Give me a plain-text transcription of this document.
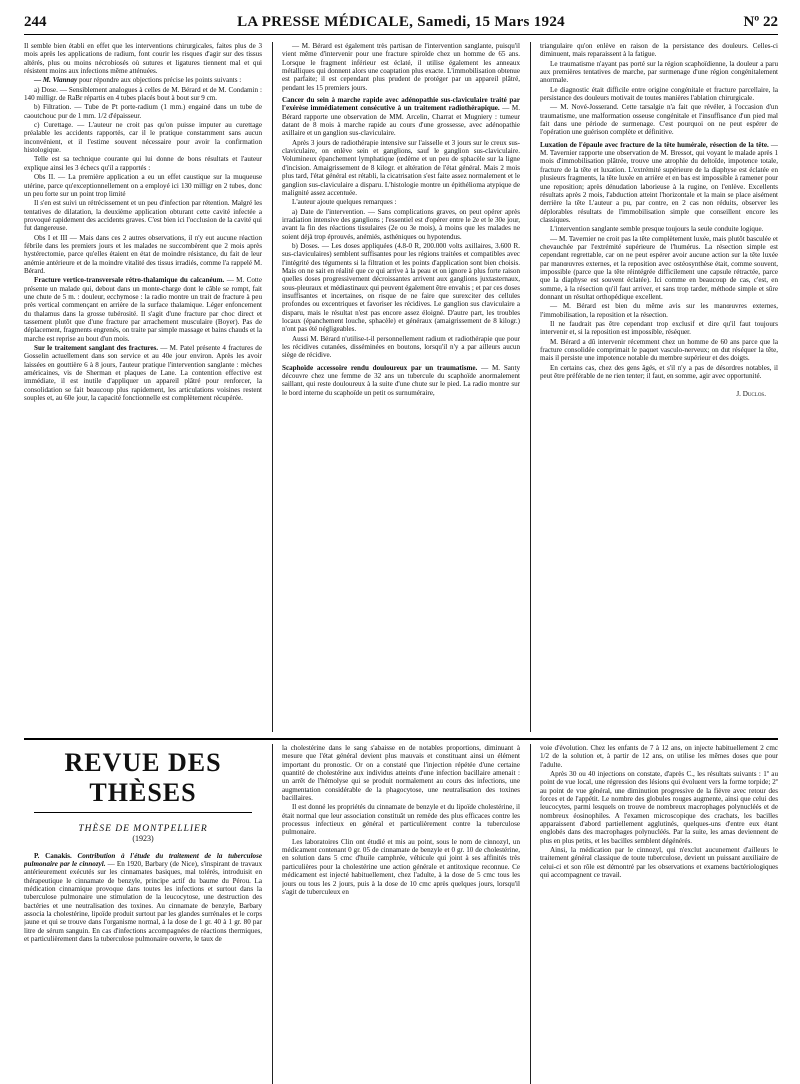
244	LA PRESSE MÉDICALE, Samedi, 15 Mars 1924	Nº 22

Il semble bien établi en effet que les interventions chirurgicales, faites plus de 3 mois après les applications de radium, font courir les risques d'agir sur des tissus altérés, plus ou moins nécrobiosés où sutures et ligatures tiennent mal et qui résistent moins aux infections même atténuées.

— M. Viannay pour répondre aux objections précise les points suivants :

a) Dose. — Sensiblement analogues à celles de M. Bérard et de M. Condamin : 140 milligr. de RaBr répartis en 4 tubes placés bout à bout sur 9 cm.

b) Filtration. — Tube de Pt porte-radium (1 mm.) engainé dans un tube de caoutchouc pur de 1 mm. 1/2 d'épaisseur.

c) Curettage. — L'auteur ne croit pas qu'on puisse imputer au curettage préalable les accidents rapportés, car il le pratique constamment sans aucun inconvénient, et il l'estime souvent nécessaire pour avoir la confirmation histologique.

Telle est sa technique courante qui lui donne de bons résultats et l'auteur explique ainsi les 3 échecs qu'il a rapportés :

Obs II. — La première application a eu un effet caustique sur la muqueuse utérine, parce qu'exceptionnellement on a employé ici 130 milligr en 2 tubes, donc un peu forte sur un point trop limité

Il s'en est suivi un rétrécissement et un peu d'infection par rétention. Malgré les tentatives de dilatation, la deuxième application obturant cette cavité infectée a provoqué rapidement des accidents graves. C'est bien ici l'occlusion de la cavité qui fut dangereuse.

Obs I et III — Mais dans ces 2 autres observations, il n'y eut aucune réaction fébrile dans les premiers jours et les malades ne succombèrent que 2 mois après hystérectomie, parce qu'elles étaient en état de moindre résistance, du fait de leur anémie antérieure et de la moindre vitalité des tissus irradiés, comme l'a rappelé M. Bérard.

Fracture vertico-transversale rétro-thalamique du calcanéum. — M. Cotte présente un malade qui, debout dans un monte-charge dont le câble se rompt, fait une chute de 5 m. : douleur, ecchymose : la radio montre un trait de fracture à peu près vertical commençant en arrière de la surface thalamique. Léger enfoncement du thalamus dans la grosse tubérosité. Il s'agit d'une fracture par choc direct et tassement plutôt que d'une fracture par arrachement musculaire (Boyer). Pas de déplacement, fragments engrenés, on traite par simple massage et bains chauds et la marche est reprise au bout d'un mois.

Sur le traitement sanglant des fractures. — M. Patel présente 4 fractures de Gosselin actuellement dans son service et au 40e jour environ. Après les avoir laissées en gouttière 6 à 8 jours, l'auteur pratique l'intervention sanglante : mèches américaines, vis de Sherman et plaques de Lane. La contention effective est immédiate, il est inutile d'appliquer un appareil plâtré pour renforcer, la consolidation se fait beaucoup plus rapidement, les articulations voisines restent souples et, au 60e jour, la capacité fonctionnelle est complètement récupérée.

— M. Bérard est également très partisan de l'intervention sanglante, puisqu'il vient même d'intervenir pour une fracture spiroïde chez un homme de 65 ans. Lorsque le fragment inférieur est éclaté, il utilise également les anneaux métalliques qui donnent alors une coaptation plus exacte. L'immobilisation obtenue est parfaite; il est cependant plus prudent de protéger par un appareil plâtré, pendant les 15 premiers jours.

Cancer du sein à marche rapide avec adénopathie sus-claviculaire traité par l'exérèse immédiatement consécutive à un traitement radiothérapique. — M. Bérard rapporte une observation de MM. Arcelin, Charrat et Mugniery : tumeur datant de 8 mois à marche rapide au cours d'une grossesse, avec adénopathie axillaire et un ganglion sus-claviculaire.

Après 3 jours de radiothérapie intensive sur l'aisselle et 3 jours sur le creux sus-claviculaire, on enlève sein et ganglions, sauf le ganglion sus-claviculaire. Volumineux épanchement lymphatique (œdème et un peu de sphacèle sur la ligne d'incision. Amaigrissement de 8 kilogr. et altération de l'état général. Mais 2 mois plus tard, l'état général est rétabli, la cicatrisation s'est faite assez normalement et le ganglion sus-claviculaire a disparu. L'histologie montre un épithélioma atypique de malignité assez accentuée.

L'auteur ajoute quelques remarques :

a) Date de l'intervention. — Sans complications graves, on peut opérer après irradiation intensive des ganglions ; l'essentiel est d'opérer entre le 2e et le 30e jour, avant la fin des réactions tissulaires (2e ou 3e mois), à moins que les malades ne soient déjà trop éprouvés, anémiés, asthéniques ou hypotendus.

b) Doses. — Les doses appliquées (4.8-0 R, 200.000 volts axillaires, 3.600 R. sus-claviculaires) semblent suffisantes pour les régions traitées et compatibles avec l'intégrité des téguments si la filtration et les points d'application sont bien choisis. Mais on ne sait en réalité que ce qui arrive à la peau et on ignore à plus forte raison quelles doses progressivement décroissantes arrivent aux ganglions juxtasternaux, sous-pleuraux et médiastinaux qui peuvent également être envahis ; et par ces doses insuffisantes et incertaines, on risque de ne faire que surexciter des cellules profondes ou excentriques et favoriser les récidives. Le ganglion sus claviculaire a disparu, mais le résultat n'est pas encore assez éloigné. D'autre part, les troubles locaux (épanchement louche, sphacèle) et généraux (amaigrissement de 8 kilogr.) n'ont pas été négligeables.

Aussi M. Bérard n'utilise-t-il personnellement radium et radiothérapie que pour les récidives cutanées, disséminées en boutons, lorsqu'il n'y a par ailleurs aucun siège de récidive.

Scaphoïde accessoire rendu douloureux par un traumatisme. — M. Santy découvre chez une femme de 32 ans un tubercule du scaphoïde anormalement saillant, qui reste douloureux à la suite d'une chute sur le pied. La radio montre sur le bord interne du scaphoïde un petit os surnuméraire,

triangulaire qu'on enlève en raison de la persistance des douleurs. Celles-ci diminuent, mais reparaissent à la fatigue.

Le traumatisme n'ayant pas porté sur la région scaphoïdienne, la douleur a paru aux premières tentatives de marche, par surmenage d'une région congénitalement anormale.

Le diagnostic était difficile entre origine congénitale et fracture parcellaire, la persistance des douleurs motivait de toutes manières l'ablation chirurgicale.

— M. Nové-Josserand. Cette tarsalgie n'a fait que révéler, à l'occasion d'un traumatisme, une malformation osseuse congénitale et l'insuffisance d'un pied mal fait dans une période de surmenage. C'est pourquoi on ne peut espérer de l'opération une guérison complète et définitive.

Luxation de l'épaule avec fracture de la tête humérale, résection de la tête. — M. Tavernier rapporte une observation de M. Bressot, qui voyant le malade après 1 mois d'immobilisation plâtrée, trouve une atrophie du deltoïde, impotence totale, fracture de la tête et luxation. L'extrémité supérieure de la diaphyse est éclatée en plusieurs fragments, la tête luxée en arrière et en bas est impossible à ramener pour une reposition; après dénudation laborieuse à la rugine, on l'enlève. Excellents résultats après 2 mois, l'abduction atteint l'horizontale et la main se place aisément derrière la tête L'auteur a pu, par contre, en 2 cas non réduits, observer les déplorables résultats de l'immobilisation simple que conseillent encore les classiques.

L'intervention sanglante semble presque toujours la seule conduite logique.

— M. Tavernier ne croit pas la tête complètement luxée, mais plutôt basculée et chevauchée par l'extrémité supérieure de l'humérus. La résection simple est cependant regrettable, car on ne peut espérer avoir aucune action sur la tête luxée par manœuvres externes, et la reposition avec ostéosynthèse était, comme souvent, impossible (parce que la tête réintégrée difficilement une capsule rétractée, parce que la diaphyse est souvent éclatée). Ici comme en beaucoup de cas, c'est, en somme, à la résection qu'il faut arriver, et sans trop tarder, méthode simple et sûre donnant un résultat orthopédique excellent.

— M. Bérard est bien du même avis sur les manœuvres externes, l'immobilisation, la reposition et la résection.

Il ne faudrait pas être cependant trop exclusif et dire qu'il faut toujours intervenir et, si la reposition est impossible, réséquer.

M. Bérard a dû intervenir récemment chez un homme de 60 ans parce que la fracture consolidée comprimait le paquet vasculo-nerveux; on dut réséquer la tête, mais il persiste une impotence notable du membre supérieur et des doigts.

En certains cas, chez des gens âgés, et s'il n'y a pas de désordres notables, il peut être préférable de ne rien tenter; il faut, en somme, agir avec opportunité.

J. Duclos.
REVUE DES THÈSES
THÈSE DE MONTPELLIER
(1923)

P. Canakis. Contribution à l'étude du traitement de la tuberculose pulmonaire par le cinnozyl. — En 1920, Barbary (de Nice), s'inspirant de travaux antérieurement exécutés sur les cinnamates basiques, mal tolérés, introduisit en thérapeutique le cinnamate de benzyle, principe actif du baume du Pérou. La médication cinnamique provoque dans toutes les infections et surtout dans la tuberculose pulmonaire une stimulation de la leucocytose, une destruction des bactéries et une neutralisation des toxines. Au cinnamate de benzyle, Barbary associa la cholestérine, lipoïde produit surtout par les glandes surrénales et le corps jaune et qui se trouve dans l'organisme normal, à la dose de 1 gr. 40 à 1 gr. 80 par litre de sérum sanguin. En cas d'infections accompagnées de réactions thermiques, et particulièrement dans la tuberculose pulmonaire ouverte, le taux de

la cholestérine dans le sang s'abaisse en de notables proportions, diminuant à mesure que l'état général devient plus mauvais et constituant ainsi un élément important du pronostic. Or on a constaté que l'injection répétée d'une certaine quantité de cholestérine aux individus atteints d'une infection bacillaire amenait : un arrêt de l'hémolyse qui se produit normalement au cours des infections, une augmentation considérable de la phagocytose, une neutralisation des toxines bacillaires.

Il est donné les propriétés du cinnamate de benzyle et du lipoïde cholestérine, il était normal que leur association constituât un remède des plus efficaces contre les processus infectieux en général et particulièrement contre la tuberculose pulmonaire.

Les laboratoires Clin ont étudié et mis au point, sous le nom de cinnozyl, un médicament contenant 0 gr. 05 de cinnamate de benzyle et 0 gr. 10 de cholestérine, en solution dans 5 cmc d'huile camphrée, véhicule qui joint à ses affinités très particulières pour la cholestérine une action générale et antitoxique reconnue. Ce médicament est injecté habituellement, chez l'adulte, à la dose de 5 cmc tous les jours ou tous les 2 jours, puis à la dose de 10 cmc après quelques jours, lorsqu'il s'agit de tuberculeux en

voie d'évolution. Chez les enfants de 7 à 12 ans, on injecte habituellement 2 cmc 1/2 de la solution et, à partir de 12 ans, on utilise les mêmes doses que pour l'adulte.

Après 30 ou 40 injections on constate, d'après C., les résultats suivants : 1º au point de vue local, une régression des lésions qui évoluent vers la forme torpide; 2º au point de vue général, une diminution progressive de la fièvre avec retour des forces et de l'appétit. Le nombre des globules rouges augmente, ainsi que celui des leucocytes, parmi lesquels on trouve de nombreux macrophages polynucléés et de nombreux éosinophiles. A l'examen microscopique des crachats, les bacilles apparaissent d'abord partiellement agglutinés, quelques-uns d'entre eux étant englobés dans des macrophages polynucléés. Par la suite, les amas deviennent de plus en plus petits, et les bacilles semblent dégénérés.

Ainsi, la médication par le cinnozyl, qui n'exclut aucunement d'ailleurs le traitement général classique de toute tuberculose, devient un puissant auxiliaire de celui-ci et son rôle est démontré par les observations et examens bactériologiques qui accompagnent ce travail.
